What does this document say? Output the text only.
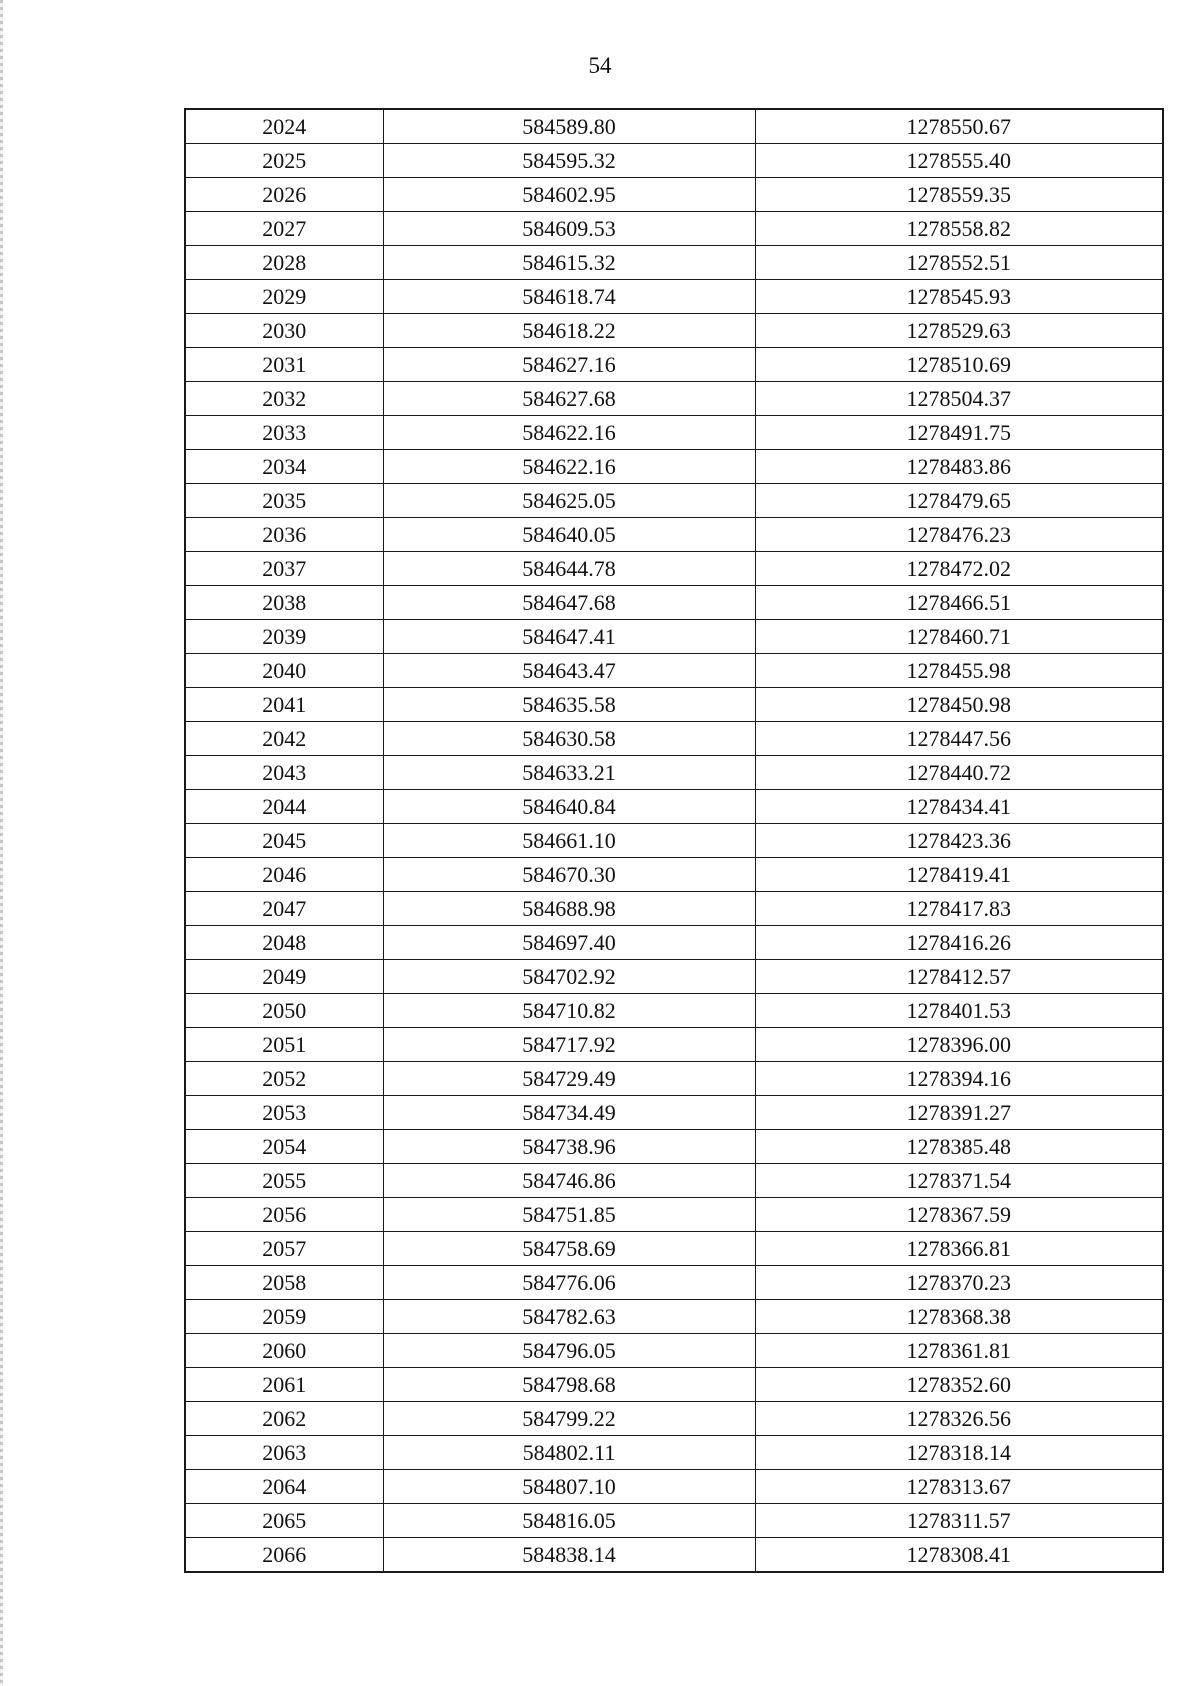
54
2024	584589.80	1278550.67
2025	584595.32	1278555.40
2026	584602.95	1278559.35
2027	584609.53	1278558.82
2028	584615.32	1278552.51
2029	584618.74	1278545.93
2030	584618.22	1278529.63
2031	584627.16	1278510.69
2032	584627.68	1278504.37
2033	584622.16	1278491.75
2034	584622.16	1278483.86
2035	584625.05	1278479.65
2036	584640.05	1278476.23
2037	584644.78	1278472.02
2038	584647.68	1278466.51
2039	584647.41	1278460.71
2040	584643.47	1278455.98
2041	584635.58	1278450.98
2042	584630.58	1278447.56
2043	584633.21	1278440.72
2044	584640.84	1278434.41
2045	584661.10	1278423.36
2046	584670.30	1278419.41
2047	584688.98	1278417.83
2048	584697.40	1278416.26
2049	584702.92	1278412.57
2050	584710.82	1278401.53
2051	584717.92	1278396.00
2052	584729.49	1278394.16
2053	584734.49	1278391.27
2054	584738.96	1278385.48
2055	584746.86	1278371.54
2056	584751.85	1278367.59
2057	584758.69	1278366.81
2058	584776.06	1278370.23
2059	584782.63	1278368.38
2060	584796.05	1278361.81
2061	584798.68	1278352.60
2062	584799.22	1278326.56
2063	584802.11	1278318.14
2064	584807.10	1278313.67
2065	584816.05	1278311.57
2066	584838.14	1278308.41
